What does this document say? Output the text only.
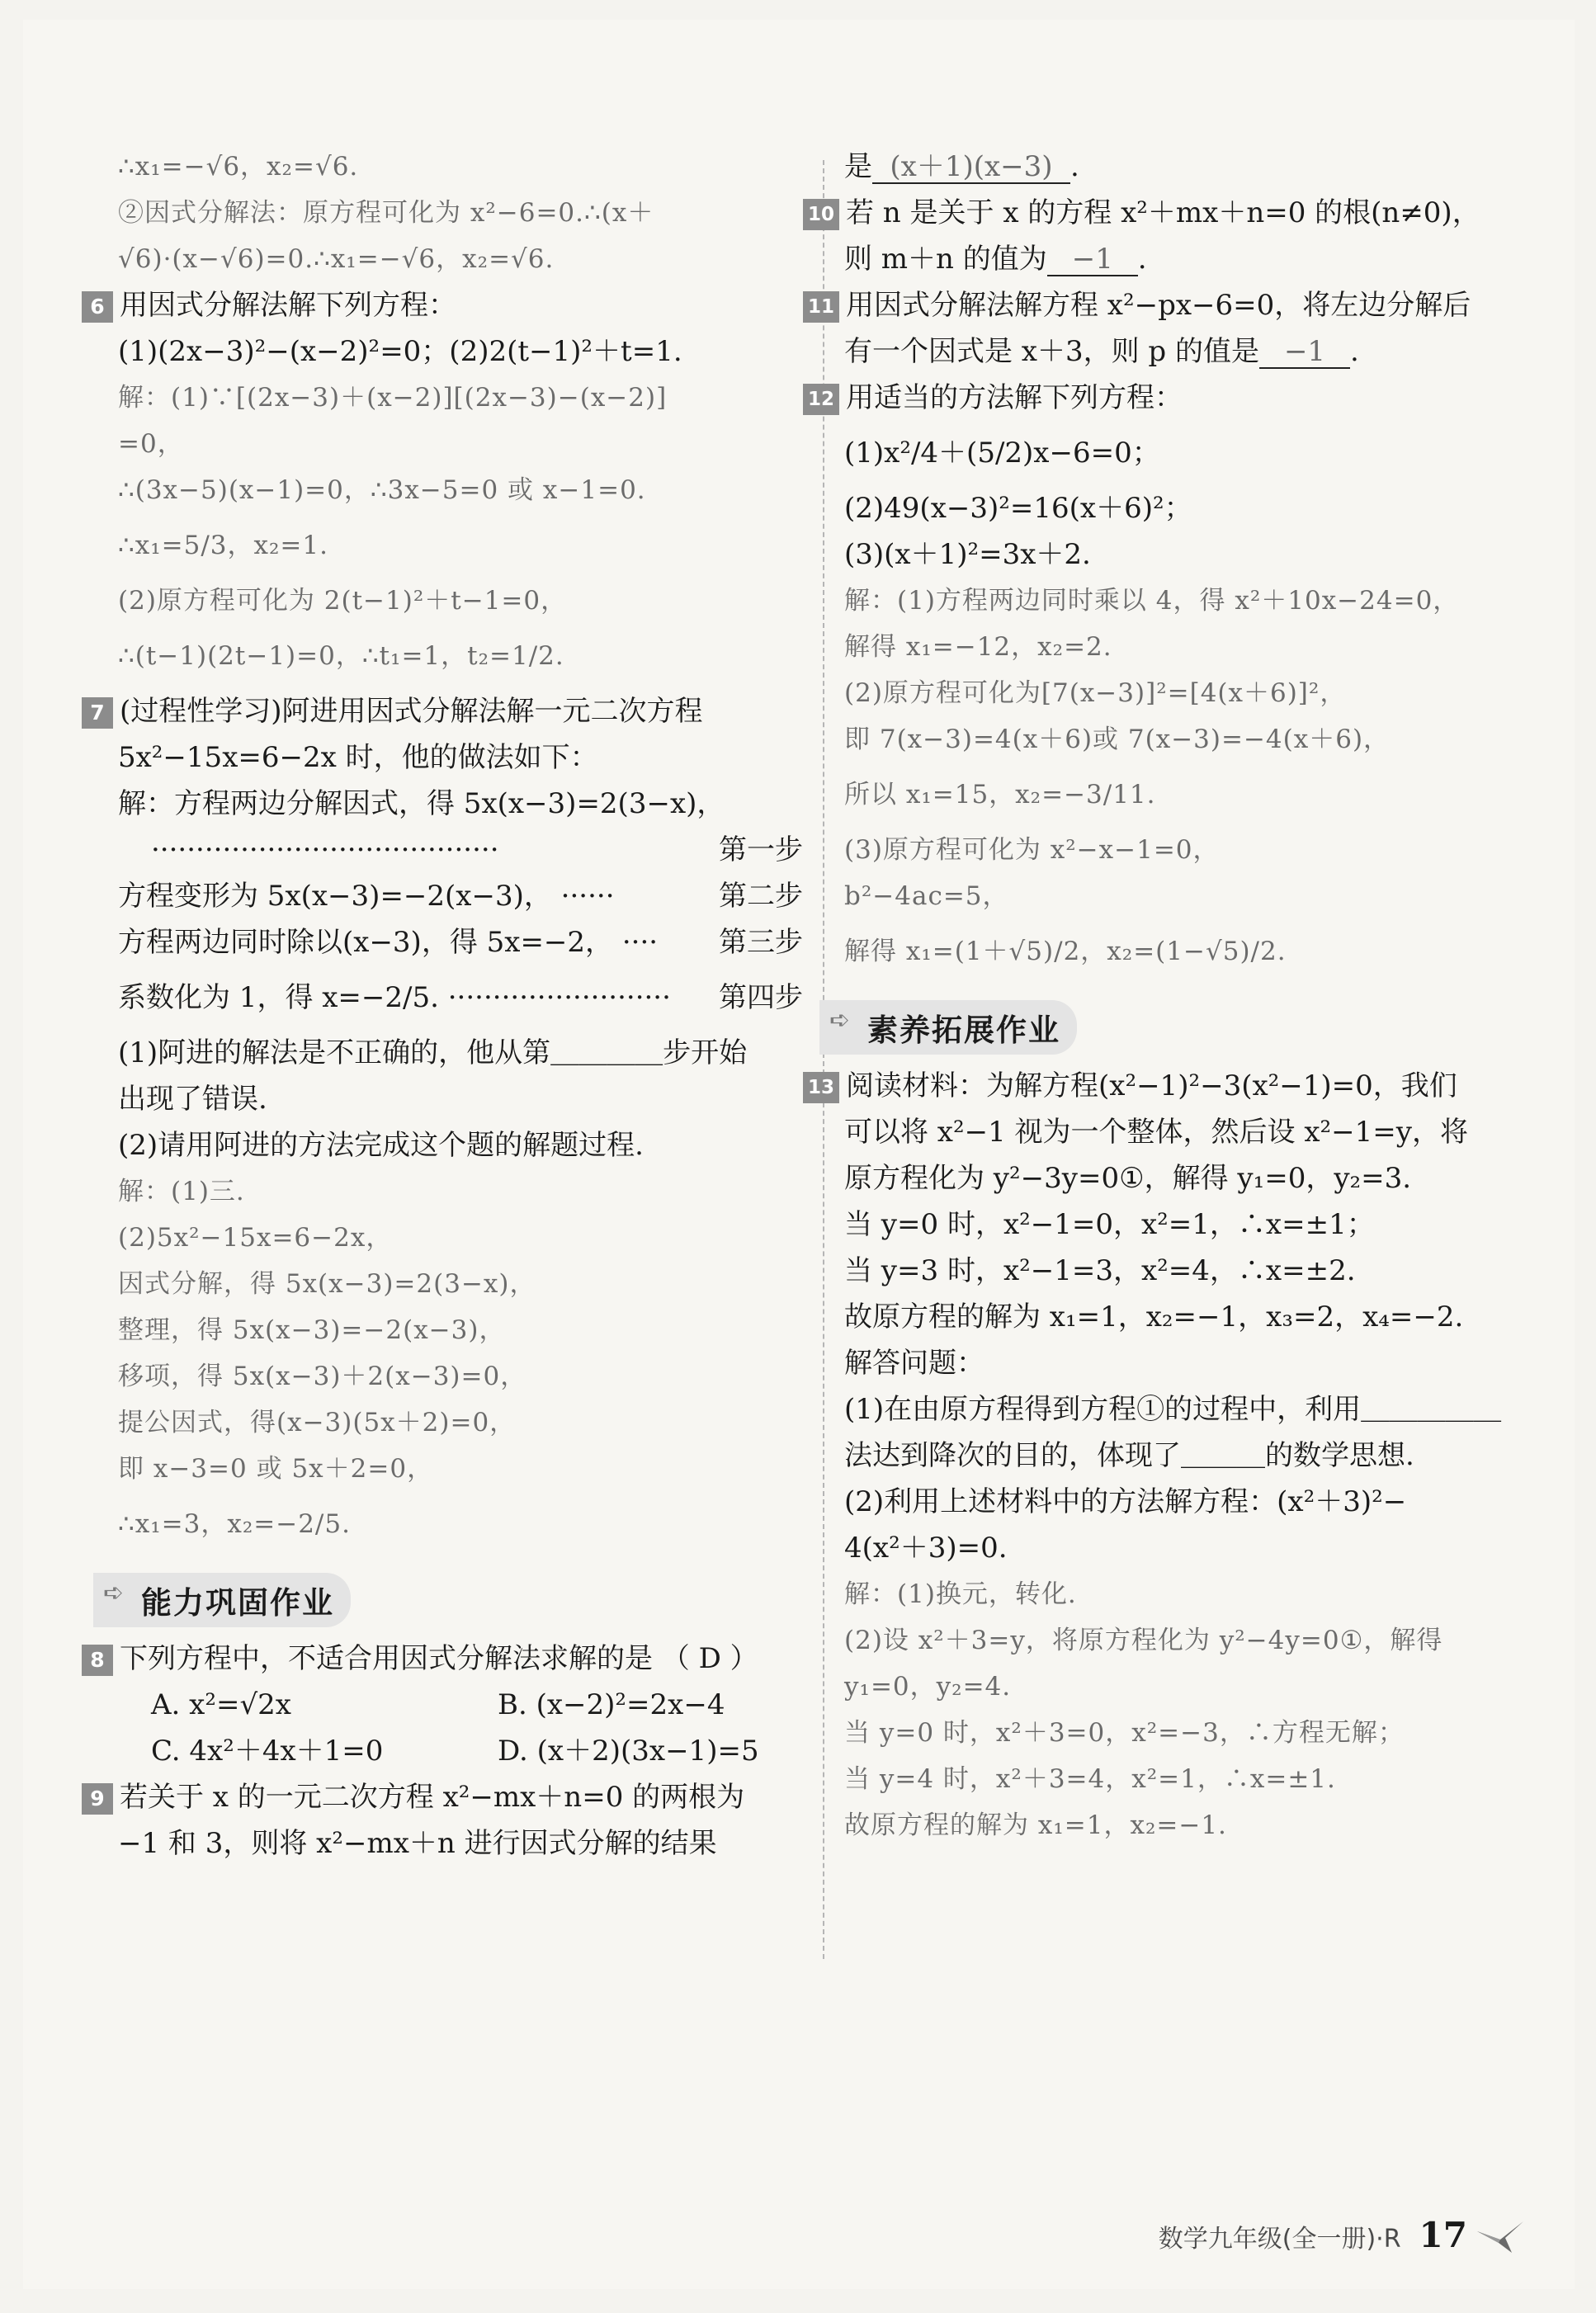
∴x₁=−√6，x₂=√6.
②因式分解法：原方程可化为 x²−6=0.∴(x＋
√6)·(x−√6)=0.∴x₁=−√6，x₂=√6.
6 用因式分解法解下列方程：
(1)(2x−3)²−(x−2)²=0；(2)2(t−1)²＋t=1.
解：(1)∵[(2x−3)＋(x−2)][(2x−3)−(x−2)]
=0，
∴(3x−5)(x−1)=0，∴3x−5=0 或 x−1=0.
∴x₁=5/3，x₂=1.
(2)原方程可化为 2(t−1)²＋t−1=0，
∴(t−1)(2t−1)=0，∴t₁=1，t₂=1/2.
7 (过程性学习)阿进用因式分解法解一元二次方程
5x²−15x=6−2x 时，他的做法如下：
解：方程两边分解因式，得 5x(x−3)=2(3−x)，
·······································	第一步
方程变形为 5x(x−3)=−2(x−3)， ······	第二步
方程两边同时除以(x−3)，得 5x=−2， ···· 第三步
系数化为 1，得 x=−2/5. ························· 第四步
(1)阿进的解法是不正确的，他从第＿＿＿＿步开始
出现了错误.
(2)请用阿进的方法完成这个题的解题过程.
解：(1)三.
(2)5x²−15x=6−2x，
因式分解，得 5x(x−3)=2(3−x)，
整理，得 5x(x−3)=−2(x−3)，
移项，得 5x(x−3)＋2(x−3)=0，
提公因式，得(x−3)(5x＋2)=0，
即 x−3=0 或 5x＋2=0，
∴x₁=3，x₂=−2/5.
➪ 能力巩固作业
8 下列方程中，不适合用因式分解法求解的是 （ D ）
A. x²=√2x	B. (x−2)²=2x−4
C. 4x²＋4x＋1=0	D. (x＋2)(3x−1)=5
9 若关于 x 的一元二次方程 x²−mx＋n=0 的两根为
−1 和 3，则将 x²−mx＋n 进行因式分解的结果
是 (x＋1)(x−3) .
10 若 n 是关于 x 的方程 x²＋mx＋n=0 的根(n≠0)，
则 m＋n 的值为 −1 .
11 用因式分解法解方程 x²−px−6=0，将左边分解后
有一个因式是 x＋3，则 p 的值是 −1 .
12 用适当的方法解下列方程：
(1)x²/4＋(5/2)x−6=0；
(2)49(x−3)²=16(x＋6)²；
(3)(x＋1)²=3x＋2.
解：(1)方程两边同时乘以 4，得 x²＋10x−24=0，
解得 x₁=−12，x₂=2.
(2)原方程可化为[7(x−3)]²=[4(x＋6)]²，
即 7(x−3)=4(x＋6)或 7(x−3)=−4(x＋6)，
所以 x₁=15，x₂=−3/11.
(3)原方程可化为 x²−x−1=0，
b²−4ac=5，
解得 x₁=(1＋√5)/2，x₂=(1−√5)/2.
➪ 素养拓展作业
13 阅读材料：为解方程(x²−1)²−3(x²−1)=0，我们
可以将 x²−1 视为一个整体，然后设 x²−1=y，将
原方程化为 y²−3y=0①，解得 y₁=0，y₂=3.
当 y=0 时，x²−1=0，x²=1，∴x=±1；
当 y=3 时，x²−1=3，x²=4，∴x=±2.
故原方程的解为 x₁=1，x₂=−1，x₃=2，x₄=−2.
解答问题：
(1)在由原方程得到方程①的过程中，利用＿＿＿＿＿
法达到降次的目的，体现了＿＿＿的数学思想.
(2)利用上述材料中的方法解方程：(x²＋3)²−
4(x²＋3)=0.
解：(1)换元，转化.
(2)设 x²＋3=y，将原方程化为 y²−4y=0①，解得
y₁=0，y₂=4.
当 y=0 时，x²＋3=0，x²=−3，∴方程无解；
当 y=4 时，x²＋3=4，x²=1，∴x=±1.
故原方程的解为 x₁=1，x₂=−1.
数学九年级(全一册)·R 17
